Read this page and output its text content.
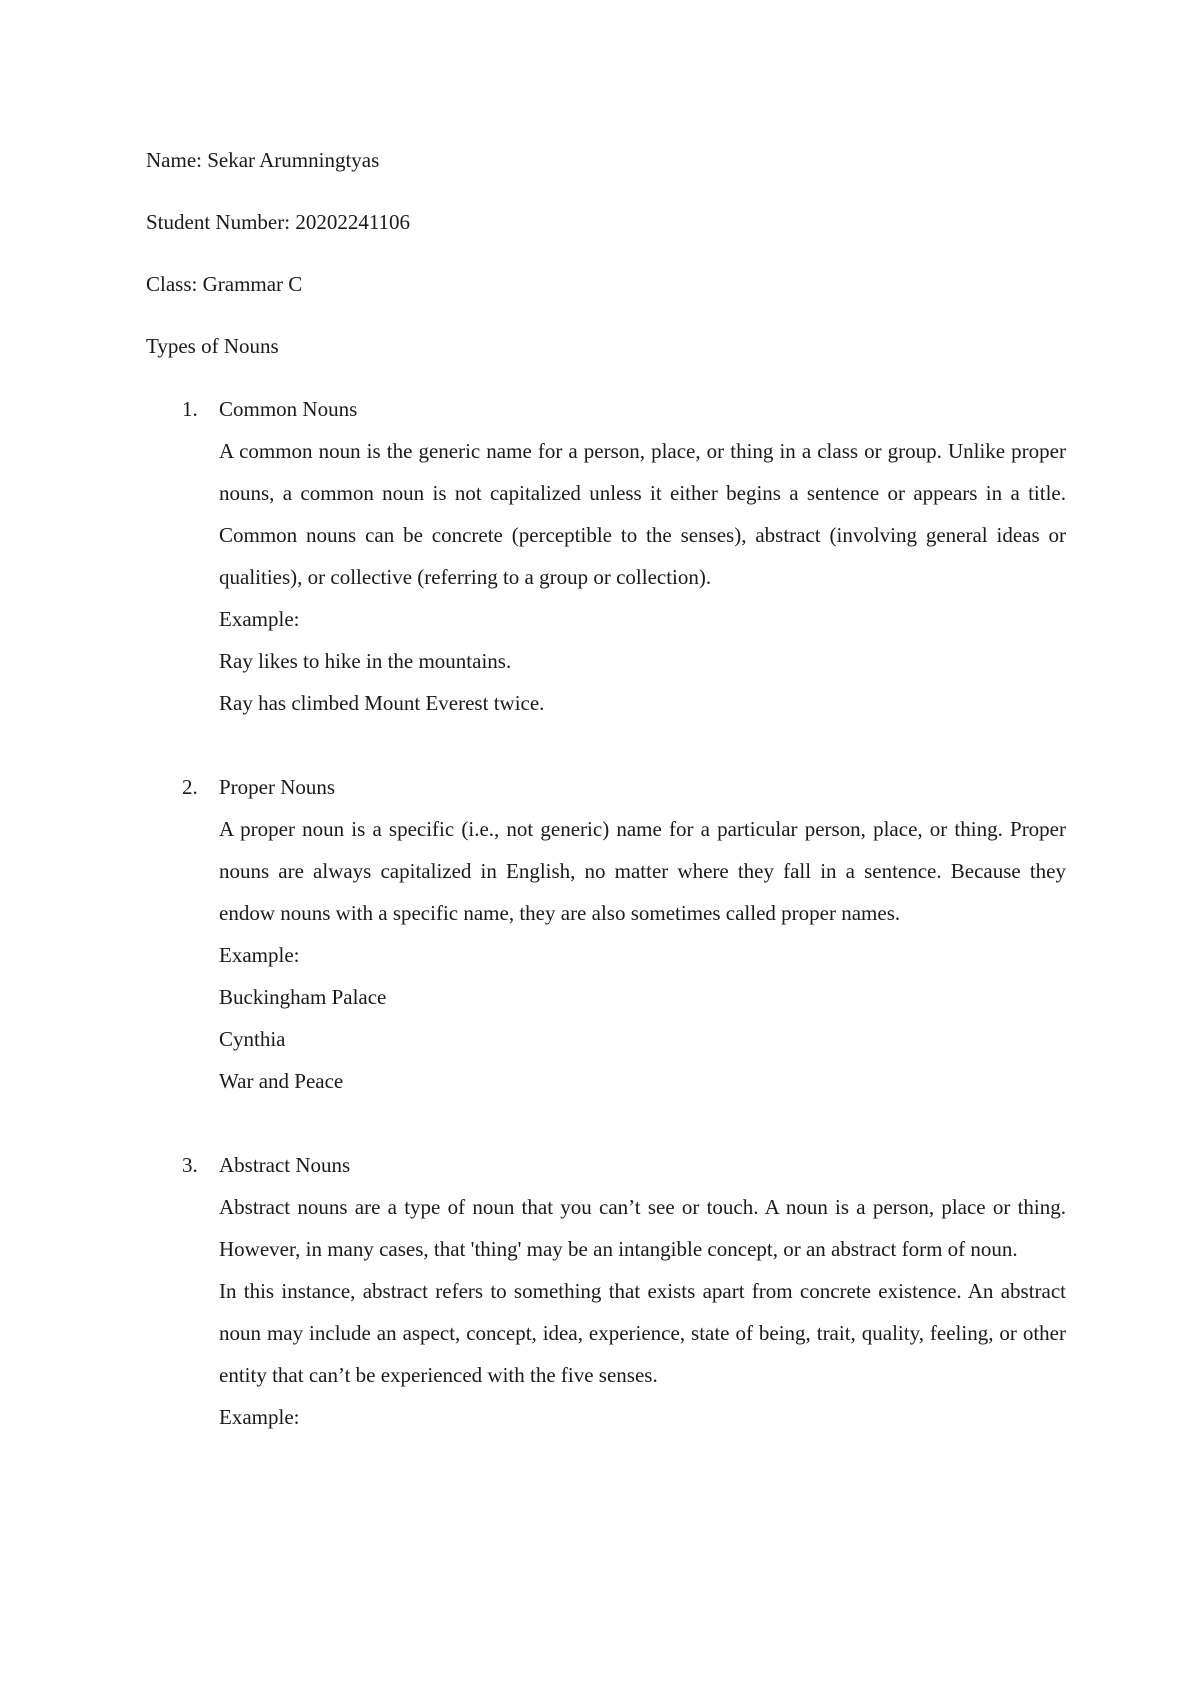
Name: Sekar Arumningtyas

Student Number: 20202241106

Class: Grammar C

Types of Nouns

1. Common Nouns

A common noun is the generic name for a person, place, or thing in a class or group. Unlike proper nouns, a common noun is not capitalized unless it either begins a sentence or appears in a title. Common nouns can be concrete (perceptible to the senses), abstract (involving general ideas or qualities), or collective (referring to a group or collection).

Example:

Ray likes to hike in the mountains.

Ray has climbed Mount Everest twice.

2. Proper Nouns

A proper noun is a specific (i.e., not generic) name for a particular person, place, or thing. Proper nouns are always capitalized in English, no matter where they fall in a sentence. Because they endow nouns with a specific name, they are also sometimes called proper names.

Example:

Buckingham Palace

Cynthia

War and Peace

3. Abstract Nouns

Abstract nouns are a type of noun that you can’t see or touch. A noun is a person, place or thing. However, in many cases, that 'thing' may be an intangible concept, or an abstract form of noun.

In this instance, abstract refers to something that exists apart from concrete existence. An abstract noun may include an aspect, concept, idea, experience, state of being, trait, quality, feeling, or other entity that can’t be experienced with the five senses.

Example:
